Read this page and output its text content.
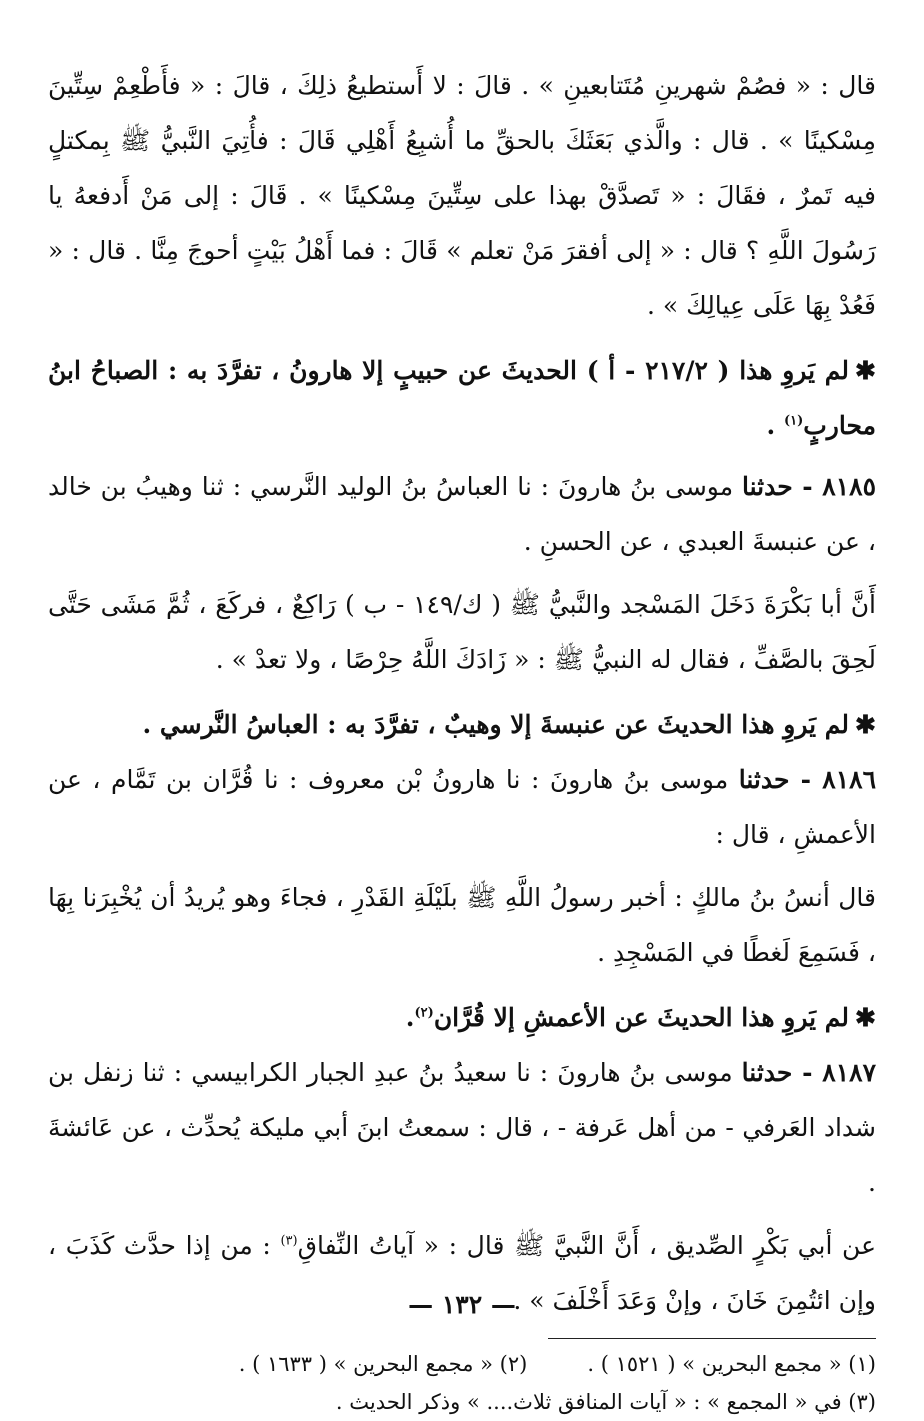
قال : « فصُمْ شهرينِ مُتَتابعينِ » . قالَ : لا أَستطيعُ ذلِكَ ، قالَ : « فأَطْعِمْ سِتِّينَ مِسْكينًا » . قال : والَّذي بَعَثَكَ بالحقِّ ما أُشبِعُ أَهْلِي قَالَ : فأُتِيَ النَّبيُّ ﷺ بِمكتلٍ فيه تَمرٌ ، فقَالَ : « تَصدَّقْ بهذا على سِتِّينَ مِسْكينًا » . قَالَ : إلى مَنْ أَدفعهُ يا رَسُولَ اللَّهِ ؟ قال : « إلى أفقرَ مَنْ تعلم » قَالَ : فما أَهْلُ بَيْتٍ أحوجَ مِنَّا . قال : « فَعُدْ بِهَا عَلَى عِيالِكَ » .

✱لم يَروِ هذا ( ٢١٧/٢ - أ ) الحديثَ عن حبيبٍ إلا هارونُ ، تفرَّدَ به : الصباحُ ابنُ محاربٍ$^{(١)}$ .

٨١٨٥ - حدثنا موسى بنُ هارونَ : نا العباسُ بنُ الوليد النَّرسي : ثنا وهيبُ بن خالد ، عن عنبسةَ العبدي ، عن الحسنِ .

أَنَّ أبا بَكْرَةَ دَخَلَ المَسْجد والنَّبيُّ ﷺ ( ك/١٤٩ - ب ) رَاكِعٌ ، فركَعَ ، ثُمَّ مَشَى حَتَّى لَحِقَ بالصَّفِّ ، فقال له النبيُّ ﷺ : « زَادَكَ اللَّهُ حِرْصًا ، ولا تعدْ » .

✱لم يَروِ هذا الحديثَ عن عنبسةَ إلا وهيبٌ ، تفرَّدَ به : العباسُ النَّرسي .

٨١٨٦ - حدثنا موسى بنُ هارونَ : نا هارونُ بْن معروف : نا قُرَّان بن تَمَّام ، عن الأعمشِ ، قال :

قال أنسُ بنُ مالكٍ : أخبر رسولُ اللَّهِ ﷺ بلَيْلَةِ القَدْرِ ، فجاءَ وهو يُريدُ أن يُخْبِرَنا بِهَا ، فَسَمِعَ لَغطًا في المَسْجِدِ .

✱لم يَروِ هذا الحديثَ عن الأعمشِ إلا قُرَّان$^{(٢)}$.

٨١٨٧ - حدثنا موسى بنُ هارونَ : نا سعيدُ بنُ عبدِ الجبار الكرابيسي : ثنا زنفل بن شداد العَرفي - من أهل عَرفة - ، قال : سمعتُ ابنَ أبي مليكة يُحدِّث ، عن عَائشةَ .

عن أبي بَكْرٍ الصِّديق ، أَنَّ النَّبيَّ ﷺ قال : « آياتُ النِّفاقِ$^{(٣)}$ : من إذا حدَّث كَذَبَ ، وإن ائتُمِنَ خَانَ ، وإنْ وَعَدَ أَخْلَفَ » .

(١) « مجمع البحرين » ( ١٥٢١ ) .
(٢) « مجمع البحرين » ( ١٦٣٣ ) .
(٣) في « المجمع » : « آيات المنافق ثلاث.... » وذكر الحديث .
— ١٣٢ —
